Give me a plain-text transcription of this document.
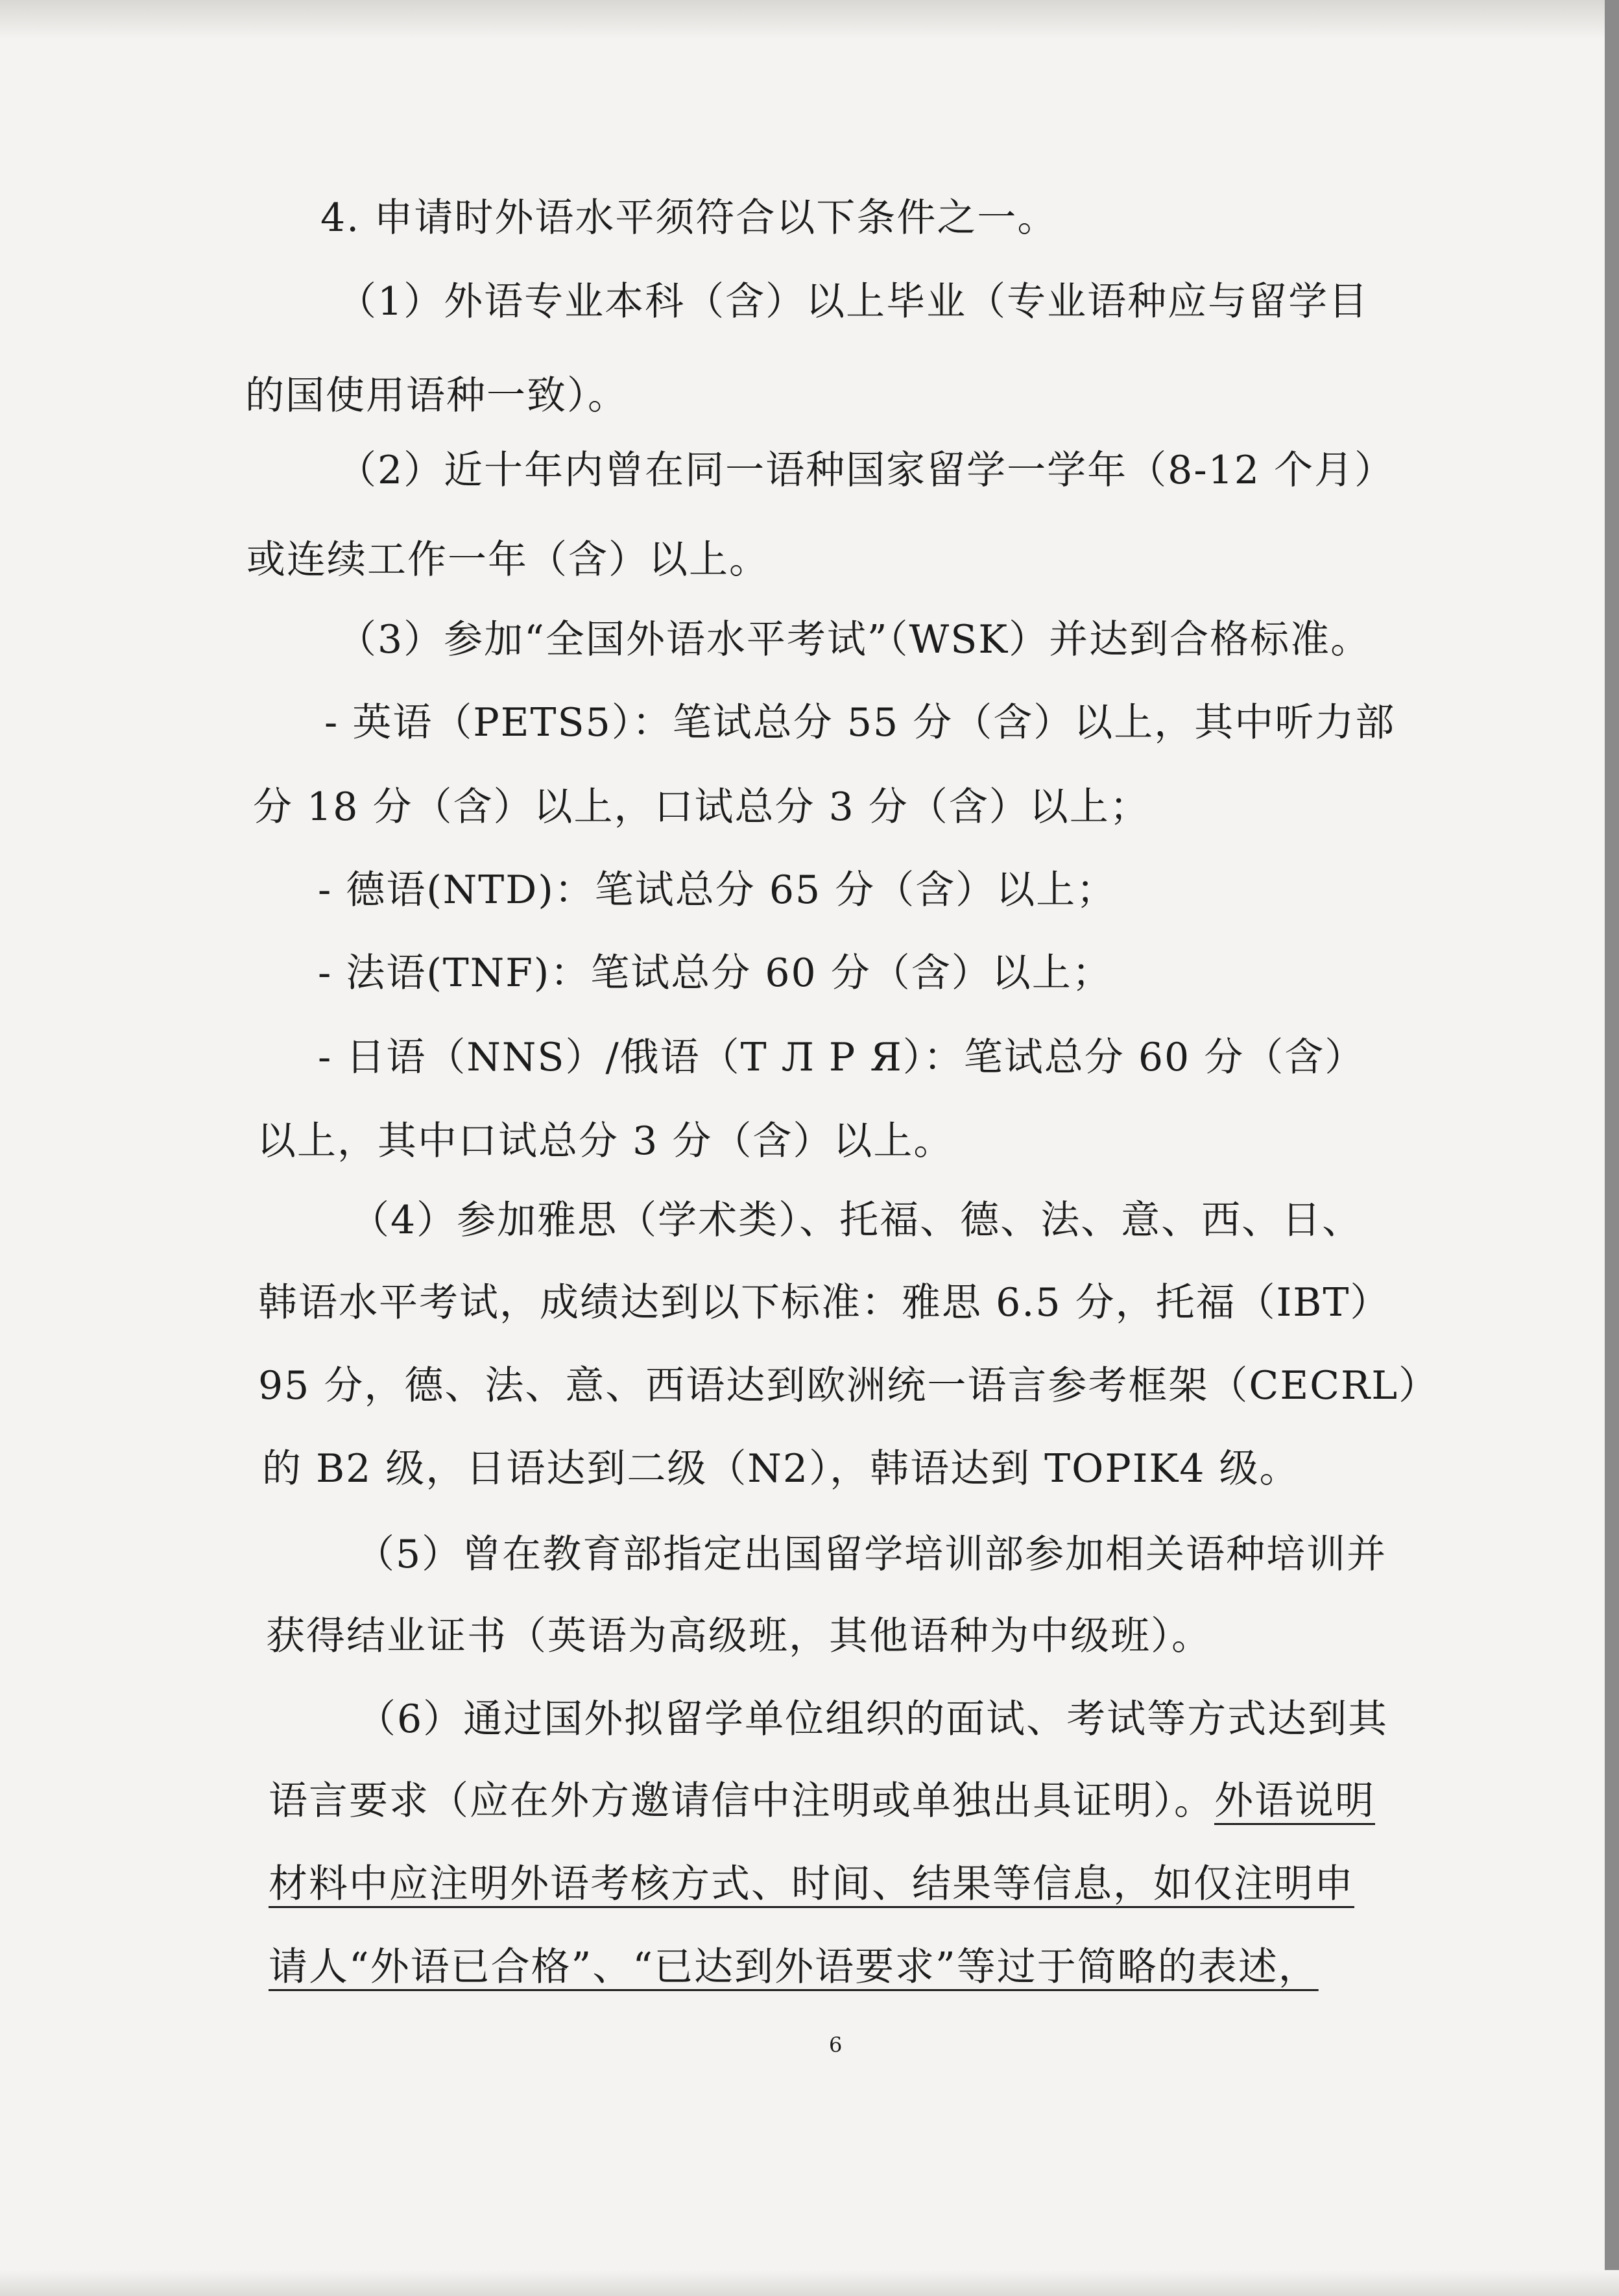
4. 申请时外语水平须符合以下条件之一。
（1）外语专业本科（含）以上毕业（专业语种应与留学目
的国使用语种一致）。
（2）近十年内曾在同一语种国家留学一学年（8-12 个月）
或连续工作一年（含）以上。
（3）参加“全国外语水平考试”（WSK）并达到合格标准。
- 英语（PETS5）：笔试总分 55 分（含）以上，其中听力部
分 18 分（含）以上，口试总分 3 分（含）以上；
- 德语(NTD)：笔试总分 65 分（含）以上；
- 法语(TNF)：笔试总分 60 分（含）以上；
- 日语（NNS）/俄语（Т Л Р Я）：笔试总分 60 分（含）
以上，其中口试总分 3 分（含）以上。
（4）参加雅思（学术类）、托福、德、法、意、西、日、
韩语水平考试，成绩达到以下标准：雅思 6.5 分，托福（IBT）
95 分，德、法、意、西语达到欧洲统一语言参考框架（CECRL）
的 B2 级，日语达到二级（N2），韩语达到 TOPIK4 级。
（5）曾在教育部指定出国留学培训部参加相关语种培训并
获得结业证书（英语为高级班，其他语种为中级班）。
（6）通过国外拟留学单位组织的面试、考试等方式达到其
语言要求（应在外方邀请信中注明或单独出具证明）。外语说明
材料中应注明外语考核方式、时间、结果等信息，如仅注明申
请人“外语已合格”、“已达到外语要求”等过于简略的表述，
6
